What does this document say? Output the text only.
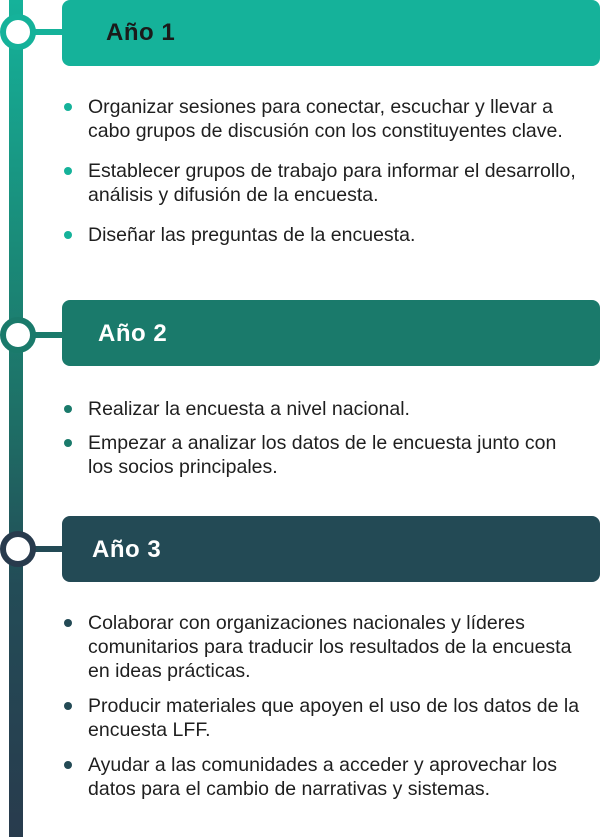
Año 1
Organizar sesiones para conectar, escuchar y llevar a cabo grupos de discusión con los constituyentes clave.
Establecer grupos de trabajo para informar el desarrollo, análisis y difusión de la encuesta.
Diseñar las preguntas de la encuesta.
Año 2
Realizar la encuesta a nivel nacional.
Empezar a analizar los datos de le encuesta junto con los socios principales.
Año 3
Colaborar con organizaciones nacionales y líderes comunitarios para traducir los resultados de la encuesta en ideas prácticas.
Producir materiales que apoyen el uso de los datos de la encuesta LFF.
Ayudar a las comunidades a acceder y aprovechar los datos para el cambio de narrativas y sistemas.
